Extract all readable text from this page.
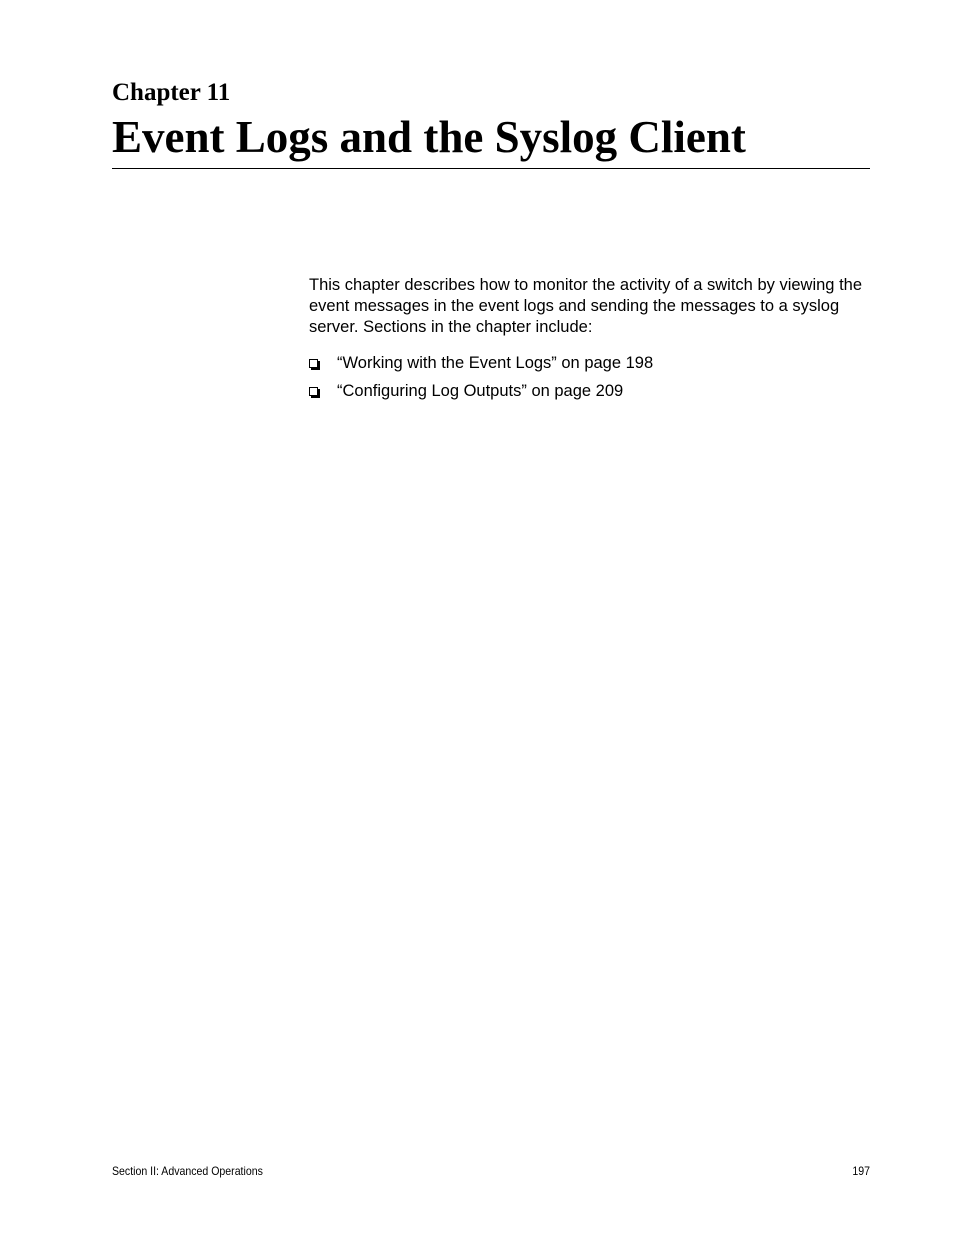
Chapter 11
Event Logs and the Syslog Client

This chapter describes how to monitor the activity of a switch by viewing the event messages in the event logs and sending the messages to a syslog server. Sections in the chapter include:

“Working with the Event Logs” on page 198
“Configuring Log Outputs” on page 209
Section II: Advanced Operations	197
